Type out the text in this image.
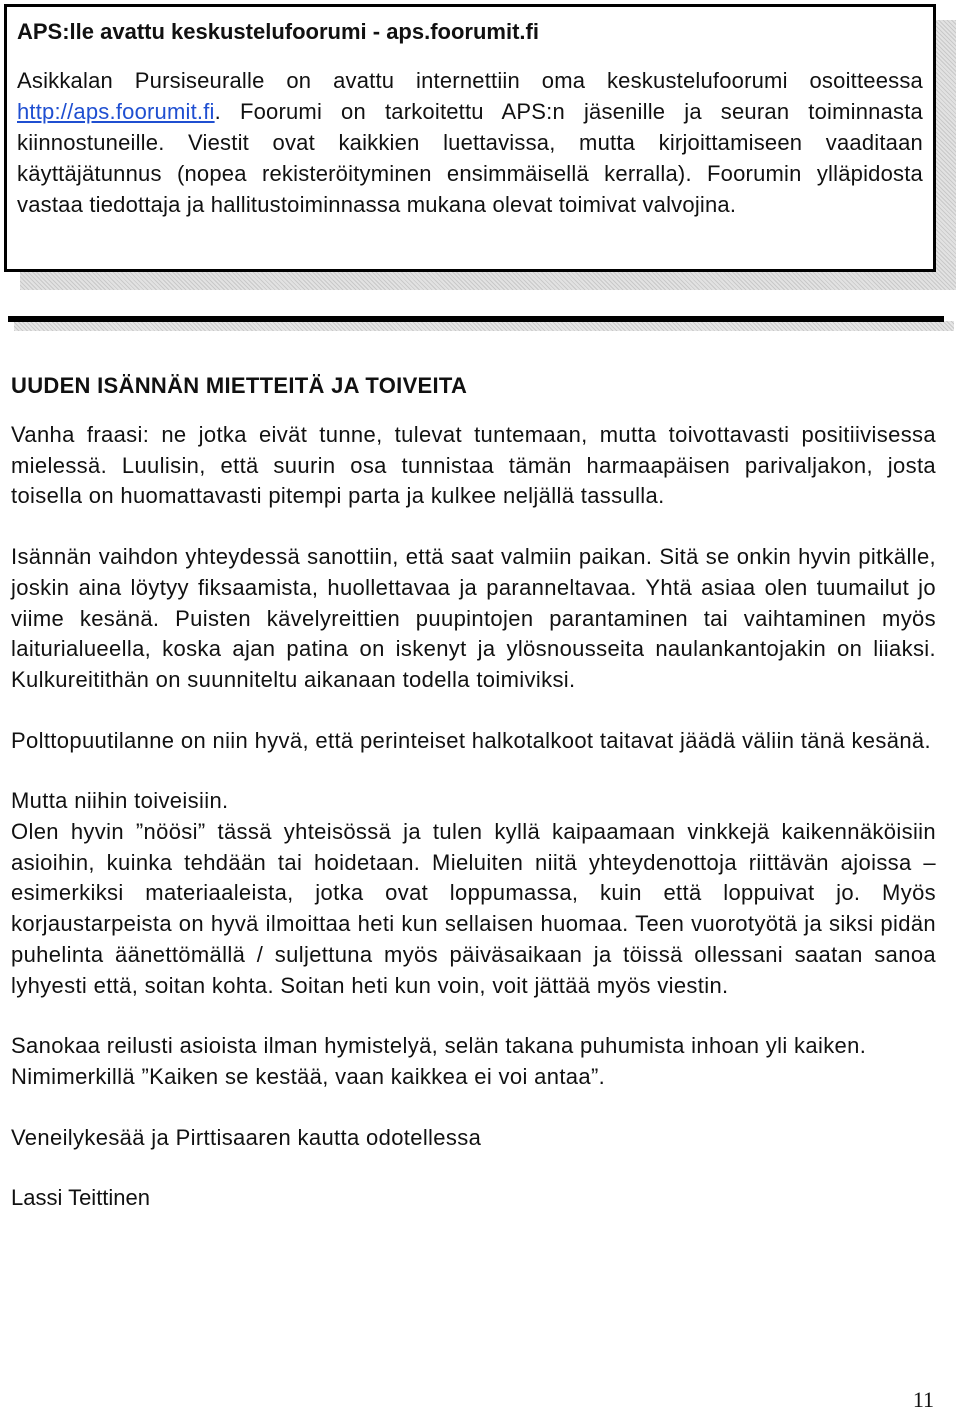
APS:lle avattu keskustelufoorumi - aps.foorumit.fi

Asikkalan Pursiseuralle on avattu internettiin oma keskustelufoorumi osoitteessa http://aps.foorumit.fi. Foorumi on tarkoitettu APS:n jäsenille ja seuran toiminnasta kiinnostuneille. Viestit ovat kaikkien luettavissa, mutta kirjoittamiseen vaaditaan käyttäjätunnus (nopea rekisteröityminen ensimmäisellä kerralla). Foorumin ylläpidosta vastaa tiedottaja ja hallitustoiminnassa mukana olevat toimivat valvojina.

UUDEN ISÄNNÄN MIETTEITÄ JA TOIVEITA

Vanha fraasi: ne jotka eivät tunne, tulevat tuntemaan, mutta toivottavasti positiivisessa mielessä. Luulisin, että suurin osa tunnistaa tämän harmaapäisen parivaljakon, josta toisella on huomattavasti pitempi parta ja kulkee neljällä tassulla.

Isännän vaihdon yhteydessä sanottiin, että saat valmiin paikan. Sitä se onkin hyvin pitkälle, joskin aina löytyy fiksaamista, huollettavaa ja paranneltavaa. Yhtä asiaa olen tuumailut jo viime kesänä. Puisten kävelyreittien puupintojen parantaminen tai vaihtaminen myös laiturialueella, koska ajan patina on iskenyt ja ylösnousseita naulankantojakin on liiaksi. Kulkureitithän on suunniteltu aikanaan todella toimiviksi.

Polttopuutilanne on niin hyvä, että perinteiset halkotalkoot taitavat jäädä väliin tänä kesänä.

Mutta niihin toiveisiin.

Olen hyvin ”nöösi” tässä yhteisössä ja tulen kyllä kaipaamaan vinkkejä kaikennäköisiin asioihin, kuinka tehdään tai hoidetaan. Mieluiten niitä yhteydenottoja riittävän ajoissa – esimerkiksi materiaaleista, jotka ovat loppumassa, kuin että loppuivat jo. Myös korjaustarpeista on hyvä ilmoittaa heti kun sellaisen huomaa. Teen vuorotyötä ja siksi pidän puhelinta äänettömällä / suljettuna myös päiväsaikaan ja töissä ollessani saatan sanoa lyhyesti että, soitan kohta. Soitan heti kun voin, voit jättää myös viestin.

Sanokaa reilusti asioista ilman hymistelyä, selän takana puhumista inhoan yli kaiken.

Nimimerkillä ”Kaiken se kestää, vaan kaikkea ei voi antaa”.

Veneilykesää ja Pirttisaaren kautta odotellessa

Lassi Teittinen

11
